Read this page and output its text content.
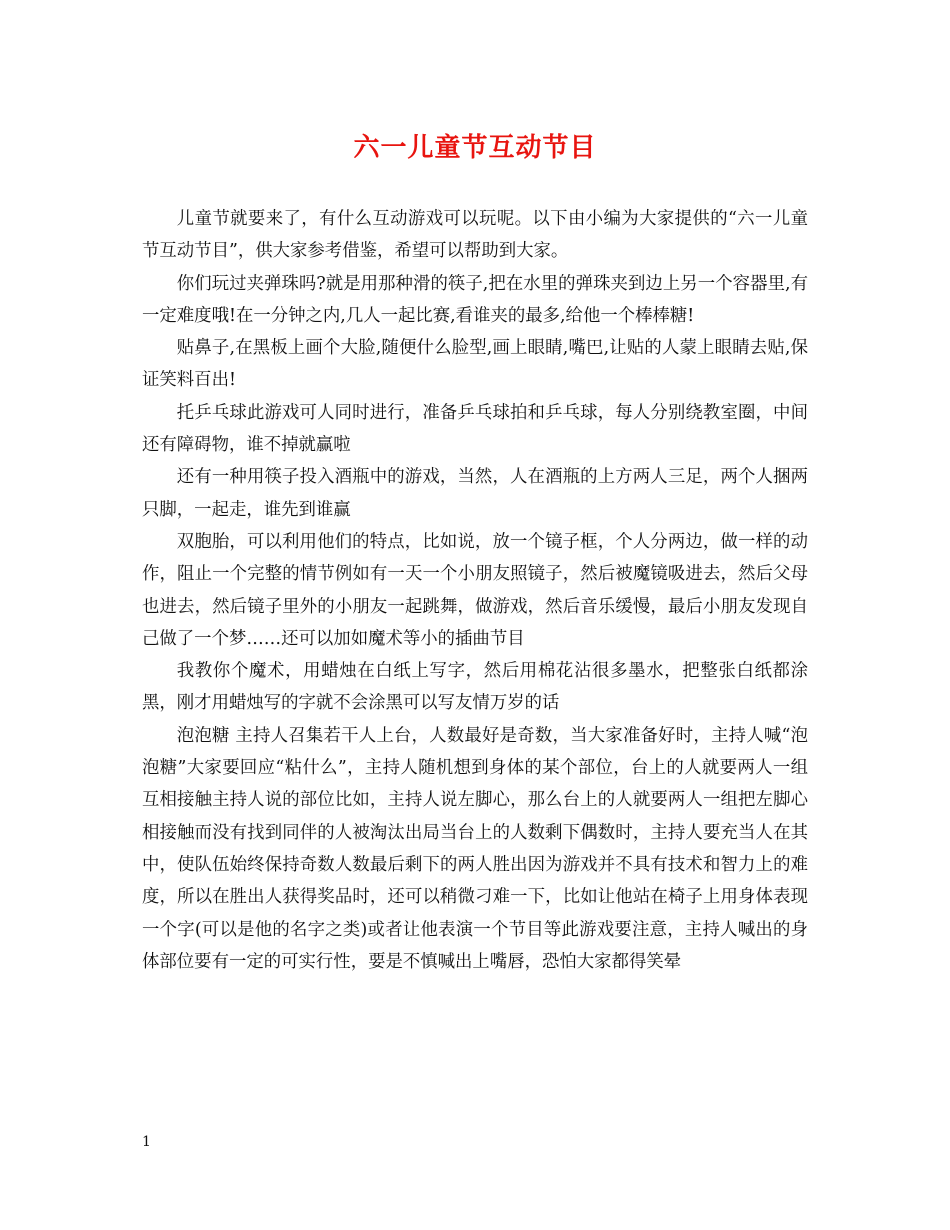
六一儿童节互动节目

儿童节就要来了，有什么互动游戏可以玩呢。以下由小编为大家提供的“六一儿童节互动节目”，供大家参考借鉴，希望可以帮助到大家。

你们玩过夹弹珠吗?就是用那种滑的筷子,把在水里的弹珠夹到边上另一个容器里,有一定难度哦!在一分钟之内,几人一起比赛,看谁夹的最多,给他一个棒棒糖!

贴鼻子,在黑板上画个大脸,随便什么脸型,画上眼睛,嘴巴,让贴的人蒙上眼睛去贴,保证笑料百出!

托乒乓球此游戏可人同时进行，准备乒乓球拍和乒乓球，每人分别绕教室圈，中间还有障碍物，谁不掉就赢啦

还有一种用筷子投入酒瓶中的游戏，当然，人在酒瓶的上方两人三足，两个人捆两只脚，一起走，谁先到谁赢

双胞胎，可以利用他们的特点，比如说，放一个镜子框，个人分两边，做一样的动作，阻止一个完整的情节例如有一天一个小朋友照镜子，然后被魔镜吸进去，然后父母也进去，然后镜子里外的小朋友一起跳舞，做游戏，然后音乐缓慢，最后小朋友发现自己做了一个梦……还可以加如魔术等小的插曲节目

我教你个魔术，用蜡烛在白纸上写字，然后用棉花沾很多墨水，把整张白纸都涂黑，刚才用蜡烛写的字就不会涂黑可以写友情万岁的话

泡泡糖 主持人召集若干人上台，人数最好是奇数，当大家准备好时，主持人喊“泡泡糖”大家要回应“粘什么”，主持人随机想到身体的某个部位，台上的人就要两人一组互相接触主持人说的部位比如，主持人说左脚心，那么台上的人就要两人一组把左脚心相接触而没有找到同伴的人被淘汰出局当台上的人数剩下偶数时，主持人要充当人在其中，使队伍始终保持奇数人数最后剩下的两人胜出因为游戏并不具有技术和智力上的难度，所以在胜出人获得奖品时，还可以稍微刁难一下，比如让他站在椅子上用身体表现一个字(可以是他的名字之类)或者让他表演一个节目等此游戏要注意，主持人喊出的身体部位要有一定的可实行性，要是不慎喊出上嘴唇，恐怕大家都得笑晕

1
